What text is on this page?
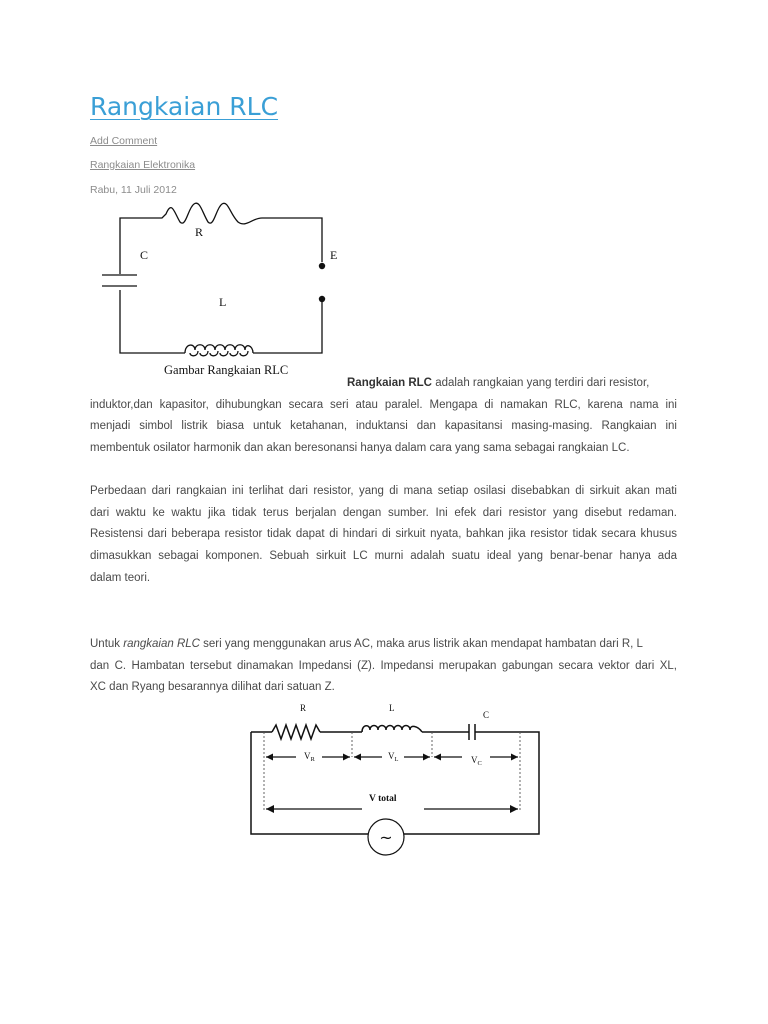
Rangkaian RLC
Add Comment
Rangkaian Elektronika
Rabu, 11 Juli 2012
R
C	E
L
Gambar Rangkaian RLC
Rangkaian RLC adalah rangkaian yang terdiri dari resistor,
induktor,dan kapasitor, dihubungkan secara seri atau paralel. Mengapa di namakan RLC, karena nama ini
menjadi simbol listrik biasa untuk ketahanan, induktansi dan kapasitansi masing-masing. Rangkaian ini
membentuk osilator harmonik dan akan beresonansi hanya dalam cara yang sama sebagai rangkaian LC.
Perbedaan dari rangkaian ini terlihat dari resistor, yang di mana setiap osilasi disebabkan di sirkuit akan mati
dari waktu ke waktu jika tidak terus berjalan dengan sumber. Ini efek dari resistor yang disebut redaman.
Resistensi dari beberapa resistor tidak dapat di hindari di sirkuit nyata, bahkan jika resistor tidak secara khusus
dimasukkan sebagai komponen. Sebuah sirkuit LC murni adalah suatu ideal yang benar-benar hanya ada
dalam teori.
Untuk rangkaian RLC seri yang menggunakan arus AC, maka arus listrik akan mendapat hambatan dari R, L
dan C. Hambatan tersebut dinamakan Impedansi (Z). Impedansi merupakan gabungan secara vektor dari XL,
XC dan Ryang besarannya dilihat dari satuan Z.
~
R	L
C
$V_R$	$V_L$	$V_C$
V total
